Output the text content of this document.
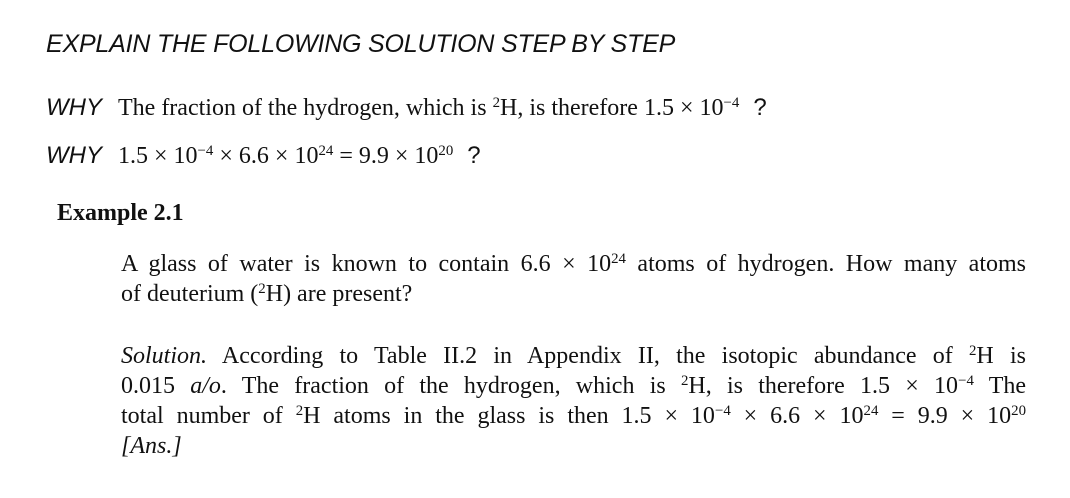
EXPLAIN THE FOLLOWING SOLUTION STEP BY STEP
WHY The fraction of the hydrogen, which is $^2$H, is therefore $1.5 \times 10^{-4}$ ?
WHY $1.5 \times 10^{-4} \times 6.6 \times 10^{24} = 9.9 \times 10^{20}$ ?
Example 2.1
A glass of water is known to contain $6.6 \times 10^{24}$ atoms of hydrogen. How many atoms
of deuterium ($^2$H) are present?
Solution. According to Table II.2 in Appendix II, the isotopic abundance of $^2$H is
0.015 a/o. The fraction of the hydrogen, which is $^2$H, is therefore $1.5 \times 10^{-4}$ The
total number of $^2$H atoms in the glass is then $1.5 \times 10^{-4} \times 6.6 \times 10^{24} = 9.9 \times 10^{20}$
[Ans.]
